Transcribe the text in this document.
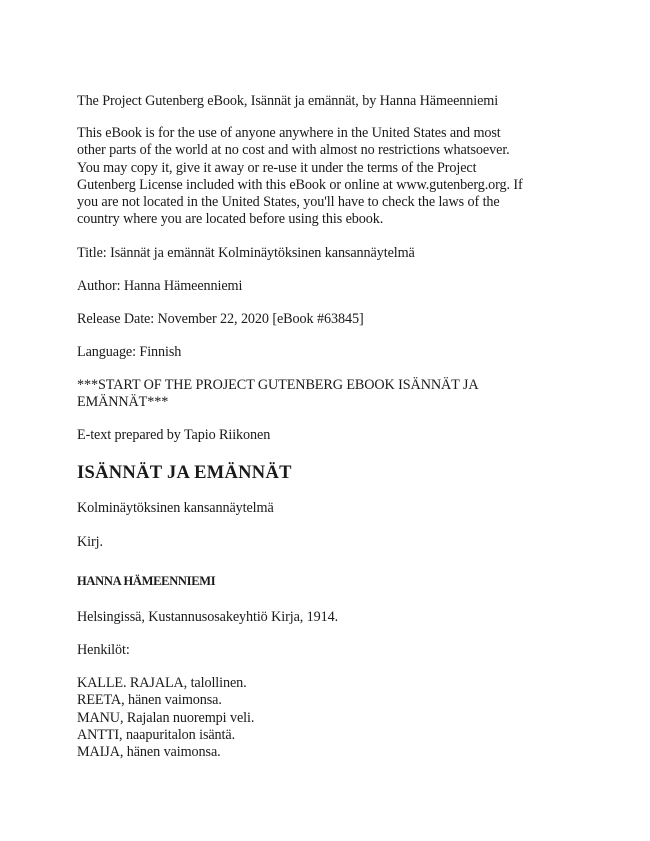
The Project Gutenberg eBook, Isännät ja emännät, by Hanna Hämeenniemi
This eBook is for the use of anyone anywhere in the United States and most
other parts of the world at no cost and with almost no restrictions whatsoever.
You may copy it, give it away or re-use it under the terms of the Project
Gutenberg License included with this eBook or online at www.gutenberg.org. If
you are not located in the United States, you'll have to check the laws of the
country where you are located before using this ebook.
Title: Isännät ja emännät Kolminäytöksinen kansannäytelmä
Author: Hanna Hämeenniemi
Release Date: November 22, 2020 [eBook #63845]
Language: Finnish
***START OF THE PROJECT GUTENBERG EBOOK ISÄNNÄT JA
EMÄNNÄT***
E-text prepared by Tapio Riikonen
ISÄNNÄT JA EMÄNNÄT
Kolminäytöksinen kansannäytelmä
Kirj.
HANNA HÄMEENNIEMI
Helsingissä, Kustannusosakeyhtiö Kirja, 1914.
Henkilöt:
KALLE. RAJALA, talollinen.
REETA, hänen vaimonsa.
MANU, Rajalan nuorempi veli.
ANTTI, naapuritalon isäntä.
MAIJA, hänen vaimonsa.
